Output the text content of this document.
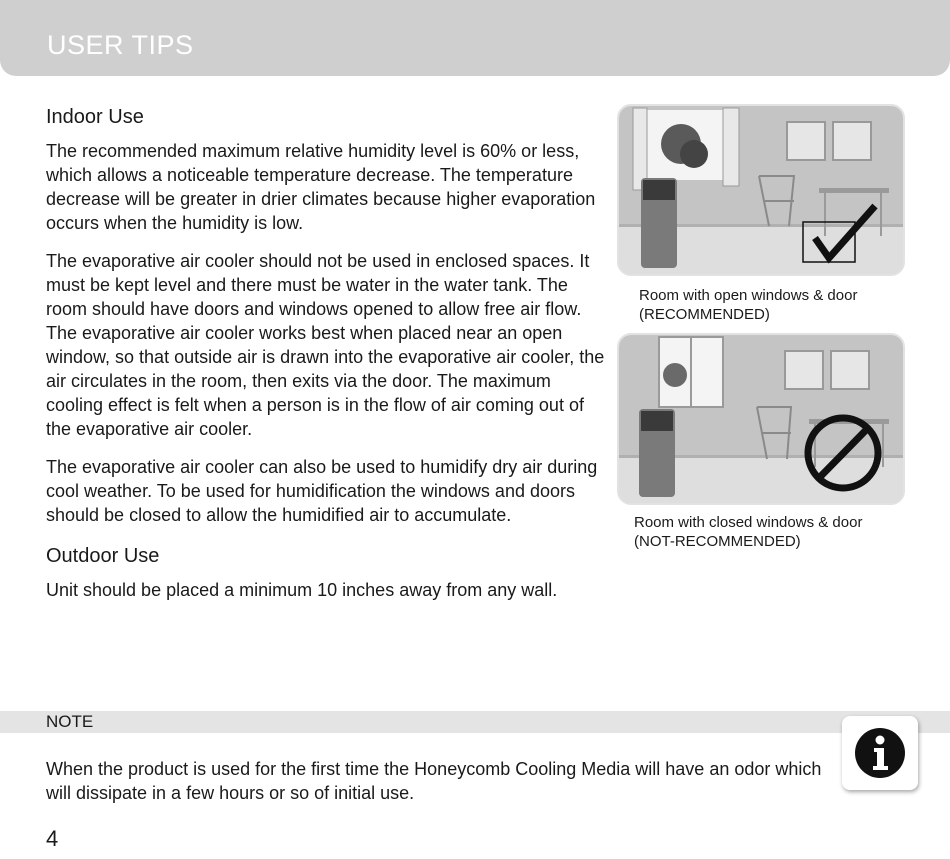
USER TIPS
Indoor Use

The recommended maximum relative humidity level is 60% or less, which allows a noticeable temperature decrease. The temperature decrease will be greater in drier climates because higher evaporation occurs when the humidity is low.

The evaporative air cooler should not be used in enclosed spaces. It must be kept level and there must be water in the water tank. The room should have doors and windows opened to allow free air flow. The evaporative air cooler works best when placed near an open window, so that outside air is drawn into the evaporative air cooler, the air circulates in the room, then exits via the door. The maximum cooling effect is felt when a person is in the flow of air coming out of the evaporative air cooler.

The evaporative air cooler can also be used to humidify dry air during cool weather. To be used for humidification the windows and doors should be closed to allow the humidified air to accumulate.

Outdoor Use

Unit should be placed a minimum 10 inches away from any wall.

Room with open windows & door
(RECOMMENDED)
Room with closed windows & door
(NOT-RECOMMENDED)
NOTE
When the product is used for the first time the Honeycomb Cooling Media will have an odor which will dissipate in a few hours or so of initial use.
4
